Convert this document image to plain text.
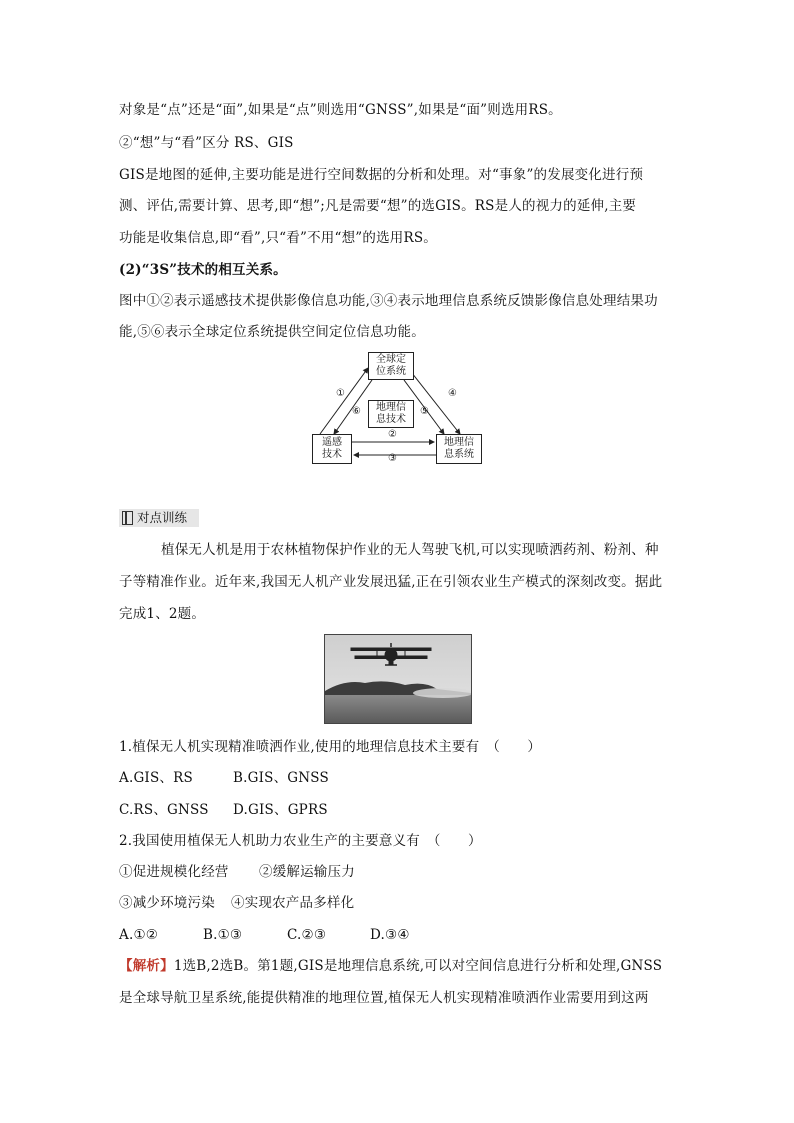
对象是“点”还是“面”,如果是“点”则选用“GNSS”,如果是“面”则选用RS。
②“想”与“看”区分 RS、GIS
GIS是地图的延伸,主要功能是进行空间数据的分析和处理。对“事象”的发展变化进行预
测、评估,需要计算、思考,即“想”;凡是需要“想”的选GIS。RS是人的视力的延伸,主要
功能是收集信息,即“看”,只“看”不用“想”的选用RS。
(2)“3S”技术的相互关系。
图中①②表示遥感技术提供影像信息功能,③④表示地理信息系统反馈影像信息处理结果功
能,⑤⑥表示全球定位系统提供空间定位信息功能。
全球定
位系统
地理信
息技术
遥感
技术
地理信
息系统
①	④
⑥	⑤
②
③
对点训练
植保无人机是用于农林植物保护作业的无人驾驶飞机,可以实现喷洒药剂、粉剂、种
子等精准作业。近年来,我国无人机产业发展迅猛,正在引领农业生产模式的深刻改变。据此
完成1、2题。
1.植保无人机实现精准喷洒作业,使用的地理信息技术主要有　（　　）
A.GIS、RS	B.GIS、GNSS
C.RS、GNSS D.GIS、GPRS
2.我国使用植保无人机助力农业生产的主要意义有　（　　）
①促进规模化经营 ②缓解运输压力
③减少环境污染 ④实现农产品多样化
A.①②	B.①③	C.②③	D.③④
【解析】1选B,2选B。第1题,GIS是地理信息系统,可以对空间信息进行分析和处理,GNSS
是全球导航卫星系统,能提供精准的地理位置,植保无人机实现精准喷洒作业需要用到这两
